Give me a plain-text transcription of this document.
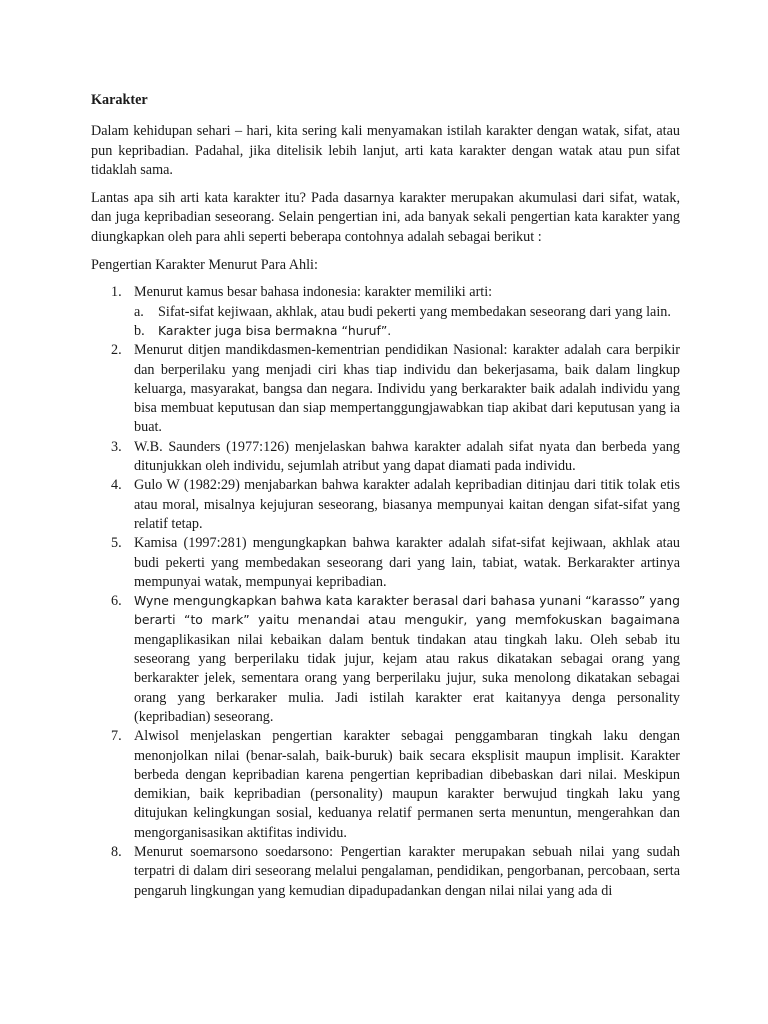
Karakter

Dalam kehidupan sehari – hari, kita sering kali menyamakan istilah karakter dengan watak, sifat, atau pun kepribadian. Padahal, jika ditelisik lebih lanjut, arti kata karakter dengan watak atau pun sifat tidaklah sama.

Lantas apa sih arti kata karakter itu? Pada dasarnya karakter merupakan akumulasi dari sifat, watak, dan juga kepribadian seseorang. Selain pengertian ini, ada banyak sekali pengertian kata karakter yang diungkapkan oleh para ahli seperti beberapa contohnya adalah sebagai berikut :

Pengertian Karakter Menurut Para Ahli:

1. Menurut kamus besar bahasa indonesia: karakter memiliki arti:
a. Sifat-sifat kejiwaan, akhlak, atau budi pekerti yang membedakan seseorang dari yang lain.
b. Karakter juga bisa bermakna “huruf”.
2. Menurut ditjen mandikdasmen-kementrian pendidikan Nasional: karakter adalah cara berpikir dan berperilaku yang menjadi ciri khas tiap individu dan bekerjasama, baik dalam lingkup keluarga, masyarakat, bangsa dan negara. Individu yang berkarakter baik adalah individu yang bisa membuat keputusan dan siap mempertanggungjawabkan tiap akibat dari keputusan yang ia buat.
3. W.B. Saunders (1977:126) menjelaskan bahwa karakter adalah sifat nyata dan berbeda yang ditunjukkan oleh individu, sejumlah atribut yang dapat diamati pada individu.
4. Gulo W (1982:29) menjabarkan bahwa karakter adalah kepribadian ditinjau dari titik tolak etis atau moral, misalnya kejujuran seseorang, biasanya mempunyai kaitan dengan sifat-sifat yang relatif tetap.
5. Kamisa (1997:281) mengungkapkan bahwa karakter adalah sifat-sifat kejiwaan, akhlak atau budi pekerti yang membedakan seseorang dari yang lain, tabiat, watak. Berkarakter artinya mempunyai watak, mempunyai kepribadian.
6. Wyne mengungkapkan bahwa kata karakter berasal dari bahasa yunani “karasso” yang berarti “to mark” yaitu menandai atau mengukir, yang memfokuskan bagaimana mengaplikasikan nilai kebaikan dalam bentuk tindakan atau tingkah laku. Oleh sebab itu seseorang yang berperilaku tidak jujur, kejam atau rakus dikatakan sebagai orang yang berkarakter jelek, sementara orang yang berperilaku jujur, suka menolong dikatakan sebagai orang yang berkaraker mulia. Jadi istilah karakter erat kaitanyya denga personality (kepribadian) seseorang.
7. Alwisol menjelaskan pengertian karakter sebagai penggambaran tingkah laku dengan menonjolkan nilai (benar-salah, baik-buruk) baik secara eksplisit maupun implisit. Karakter berbeda dengan kepribadian karena pengertian kepribadian dibebaskan dari nilai. Meskipun demikian, baik kepribadian (personality) maupun karakter berwujud tingkah laku yang ditujukan kelingkungan sosial, keduanya relatif permanen serta menuntun, mengerahkan dan mengorganisasikan aktifitas individu.
8. Menurut soemarsono soedarsono: Pengertian karakter merupakan sebuah nilai yang sudah terpatri di dalam diri seseorang melalui pengalaman, pendidikan, pengorbanan, percobaan, serta pengaruh lingkungan yang kemudian dipadupadankan dengan nilai nilai yang ada di
